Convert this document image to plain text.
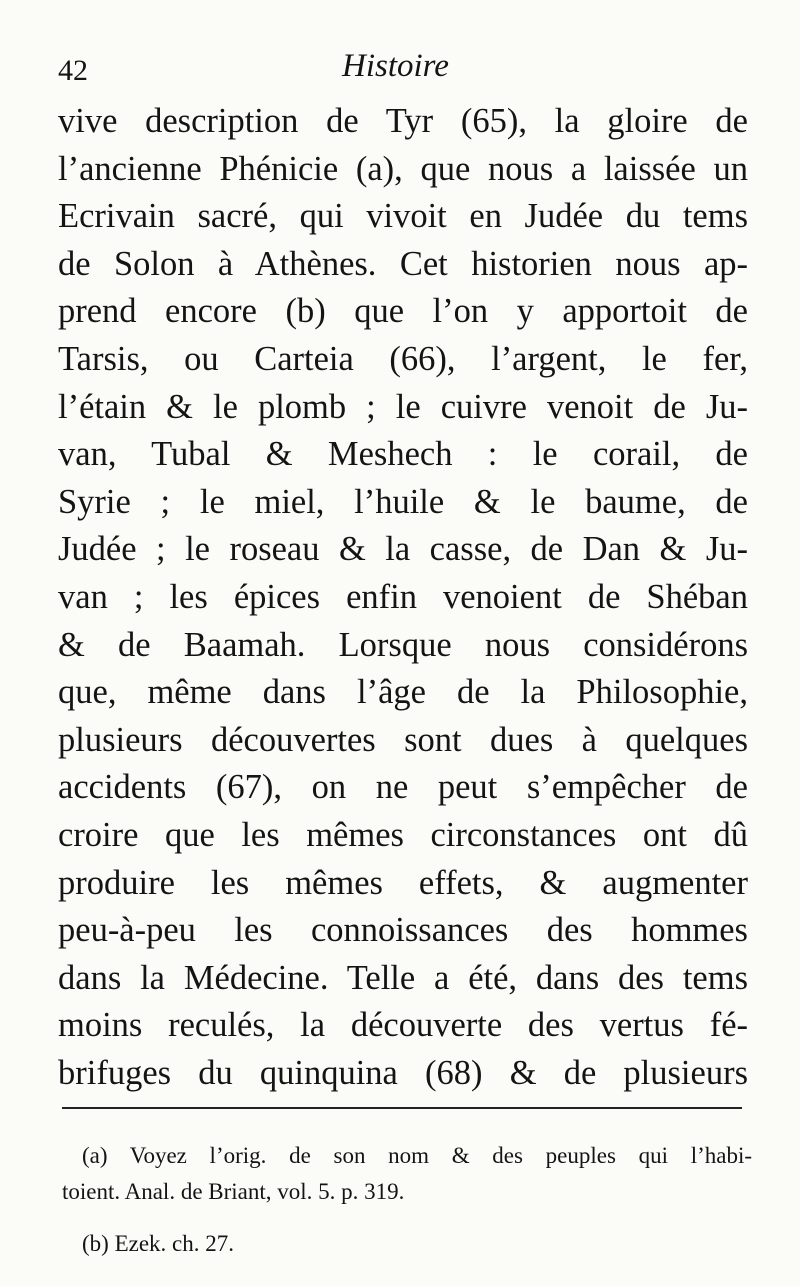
42	Histoire
vive description de Tyr (65), la gloire de
l’ancienne Phénicie (a), que nous a laissée un
Ecrivain sacré, qui vivoit en Judée du tems
de Solon à Athènes. Cet historien nous ap-
prend encore (b) que l’on y apportoit de
Tarsis, ou Carteia (66), l’argent, le fer,
l’étain & le plomb ; le cuivre venoit de Ju-
van, Tubal & Meshech : le corail, de
Syrie ; le miel, l’huile & le baume, de
Judée ; le roseau & la casse, de Dan & Ju-
van ; les épices enfin venoient de Shéban
& de Baamah. Lorsque nous considérons
que, même dans l’âge de la Philosophie,
plusieurs découvertes sont dues à quelques
accidents (67), on ne peut s’empêcher de
croire que les mêmes circonstances ont dû
produire les mêmes effets, & augmenter
peu-à-peu les connoissances des hommes
dans la Médecine. Telle a été, dans des tems
moins reculés, la découverte des vertus fé-
brifuges du quinquina (68) & de plusieurs
(a) Voyez l’orig. de son nom & des peuples qui l’habi-
toient. Anal. de Briant, vol. 5. p. 319.
(b) Ezek. ch. 27.
